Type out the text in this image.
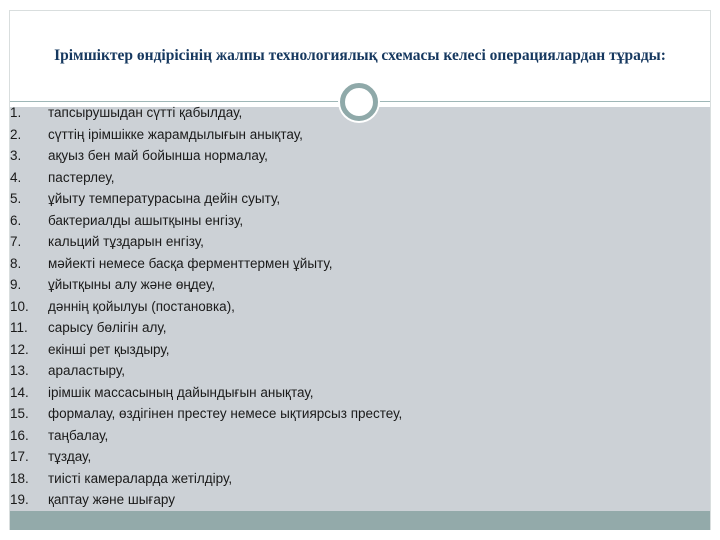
Ірімшіктер өндірісінің жалпы технологиялық схемасы келесі операциялардан тұрады:
1.	тапсырушыдан сүтті қабылдау,
2.	сүттің ірімшікке жарамдылығын анықтау,
3.	ақуыз бен май бойынша нормалау,
4.	пастерлеу,
5.	ұйыту температурасына дейін суыту,
6.	бактериалды ашытқыны енгізу,
7.	кальций тұздарын енгізу,
8.	мәйекті немесе басқа ферменттермен ұйыту,
9.	ұйытқыны алу және өңдеу,
10.	дәннің қойылуы (постановка),
11.	сарысу бөлігін алу,
12.	екінші рет қыздыру,
13.	араластыру,
14.	ірімшік массасының дайындығын анықтау,
15.	формалау, өздігінен престеу немесе ықтиярсыз престеу,
16.	таңбалау,
17.	тұздау,
18.	тиісті камераларда жетілдіру,
19.	қаптау және шығару
